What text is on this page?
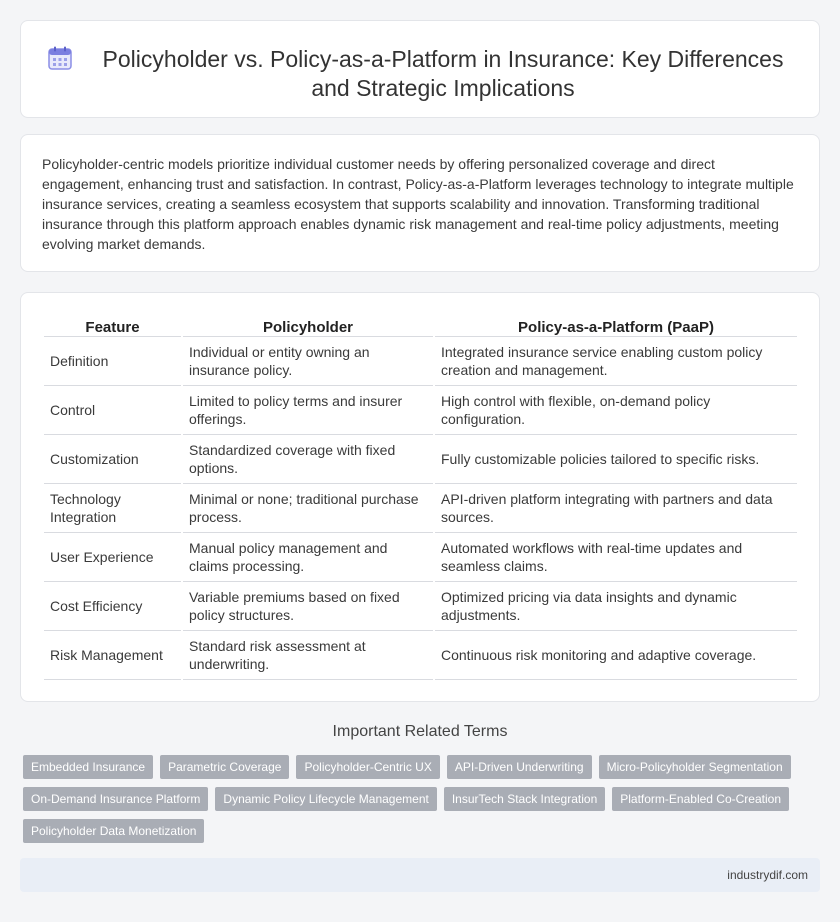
Policyholder vs. Policy-as-a-Platform in Insurance: Key Differences and Strategic Implications

Policyholder-centric models prioritize individual customer needs by offering personalized coverage and direct engagement, enhancing trust and satisfaction. In contrast, Policy-as-a-Platform leverages technology to integrate multiple insurance services, creating a seamless ecosystem that supports scalability and innovation. Transforming traditional insurance through this platform approach enables dynamic risk management and real-time policy adjustments, meeting evolving market demands.

Feature	Policyholder	Policy-as-a-Platform (PaaP)
Definition	Individual or entity owning an insurance policy.	Integrated insurance service enabling custom policy creation and management.
Control	Limited to policy terms and insurer offerings.	High control with flexible, on-demand policy configuration.
Customization	Standardized coverage with fixed options.	Fully customizable policies tailored to specific risks.
Technology Integration	Minimal or none; traditional purchase process.	API-driven platform integrating with partners and data sources.
User Experience	Manual policy management and claims processing.	Automated workflows with real-time updates and seamless claims.
Cost Efficiency	Variable premiums based on fixed policy structures.	Optimized pricing via data insights and dynamic adjustments.
Risk Management	Standard risk assessment at underwriting.	Continuous risk monitoring and adaptive coverage.
Important Related Terms
Embedded Insurance	Parametric Coverage	Policyholder-Centric UX	API-Driven Underwriting	Micro-Policyholder Segmentation
On-Demand Insurance Platform	Dynamic Policy Lifecycle Management	InsurTech Stack Integration	Platform-Enabled Co-Creation
Policyholder Data Monetization
industrydif.com
